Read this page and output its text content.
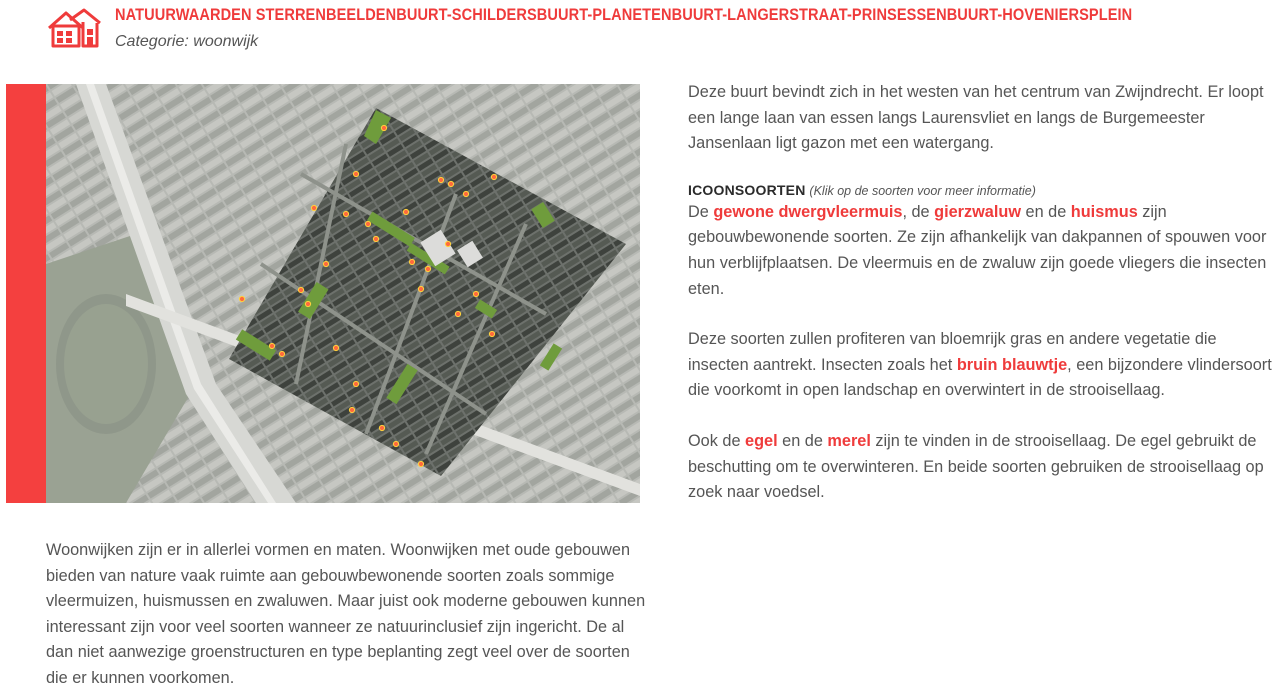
NATUURWAARDEN STERRENBEELDENBUURT-SCHILDERSBUURT-PLANETENBUURT-LANGERSTRAAT-PRINSESSENBUURT-HOVENIERSPLEIN
Categorie: woonwijk

Woonwijken zijn er in allerlei vormen en maten. Woonwijken met oude gebouwen bieden van nature vaak ruimte aan gebouwbewonende soorten zoals sommige vleermuizen, huismussen en zwaluwen. Maar juist ook moderne gebouwen kunnen interessant zijn voor veel soorten wanneer ze natuurinclusief zijn ingericht. De al dan niet aanwezige groenstructuren en type beplanting zegt veel over de soorten die er kunnen voorkomen.

Deze buurt bevindt zich in het westen van het centrum van Zwijndrecht. Er loopt een lange laan van essen langs Laurensvliet en langs de Burgemeester Jansenlaan ligt gazon met een watergang.

ICOONSOORTEN (Klik op de soorten voor meer informatie)

De gewone dwergvleermuis, de gierzwaluw en de huismus zijn gebouwbewonende soorten. Ze zijn afhankelijk van dakpannen of spouwen voor hun verblijfplaatsen. De vleermuis en de zwaluw zijn goede vliegers die insecten eten.

Deze soorten zullen profiteren van bloemrijk gras en andere vegetatie die insecten aantrekt. Insecten zoals het bruin blauwtje, een bijzondere vlindersoort die voorkomt in open landschap en overwintert in de strooisellaag.

Ook de egel en de merel zijn te vinden in de strooisellaag. De egel gebruikt de beschutting om te overwinteren. En beide soorten gebruiken de strooisellaag op zoek naar voedsel.
